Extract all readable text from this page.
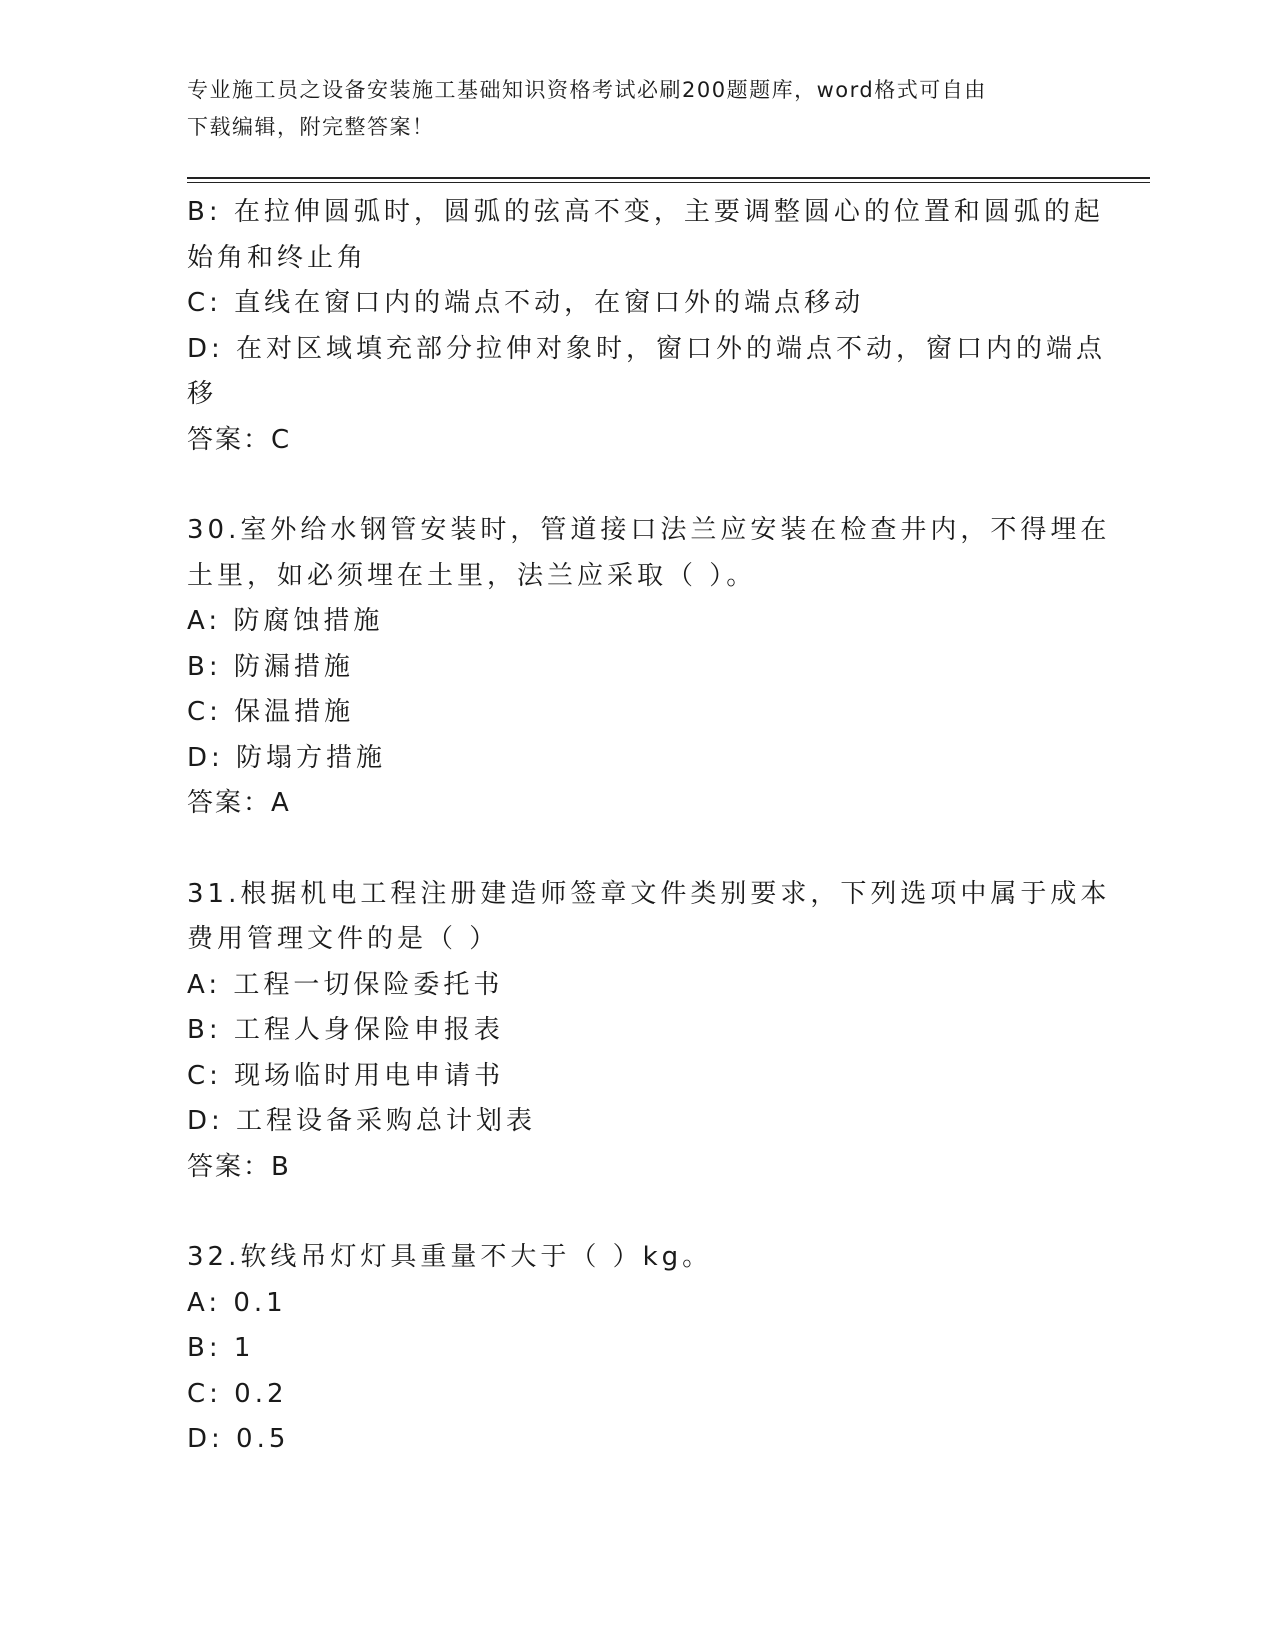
专业施工员之设备安装施工基础知识资格考试必刷200题题库，word格式可自由
下载编辑，附完整答案！

B: 在拉伸圆弧时，圆弧的弦高不变，主要调整圆心的位置和圆弧的起

始角和终止角

C: 直线在窗口内的端点不动，在窗口外的端点移动

D: 在对区域填充部分拉伸对象时，窗口外的端点不动，窗口内的端点

移

答案：C

30.室外给水钢管安装时，管道接口法兰应安装在检查井内，不得埋在

土里，如必须埋在土里，法兰应采取（ ）。

A: 防腐蚀措施

B: 防漏措施

C: 保温措施

D: 防塌方措施

答案：A

31.根据机电工程注册建造师签章文件类别要求，下列选项中属于成本

费用管理文件的是（ ）

A: 工程一切保险委托书

B: 工程人身保险申报表

C: 现场临时用电申请书

D: 工程设备采购总计划表

答案：B

32.软线吊灯灯具重量不大于（ ）kg。

A: 0.1

B: 1

C: 0.2

D: 0.5
